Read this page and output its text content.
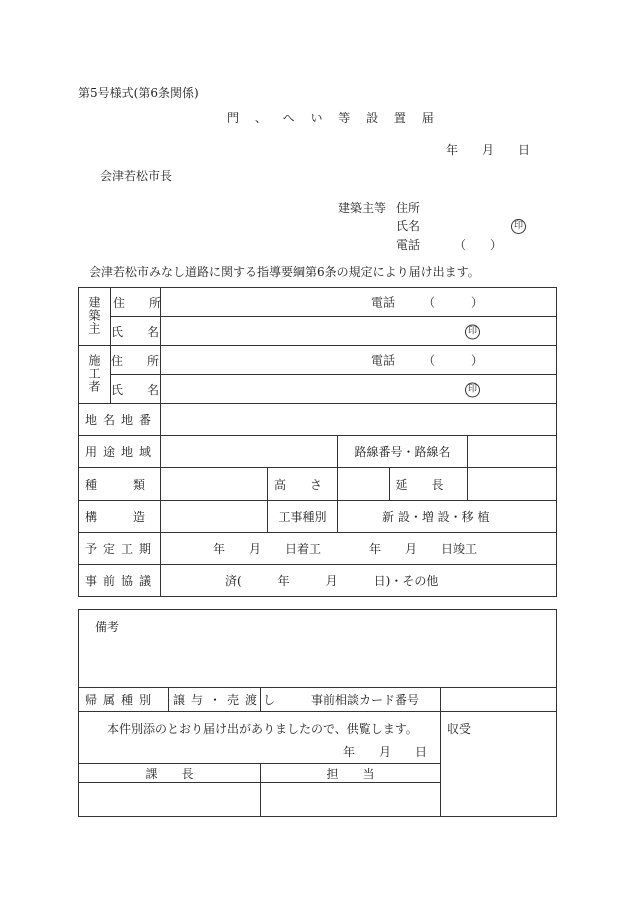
第5号様式(第6条関係)
門 、 へ い 等 設 置 届
年　　月　　日
会津若松市長
建築主等 住所
氏名	印
電話	（　　）
会津若松市みなし道路に関する指導要綱第6条の規定により届け出ます。
建築主	住　所	電話 （　　　）					

	氏　名	印					

施工者	住　所	電話 （　　　）					

	氏　名	印					

地名地番							
用途地域				路線番号・路線名			
種　　　類			高　　さ			延　　長	
構　　　造			工事種別	新 設・増 設・移 植			
予定工期		年　　月　　日着工　　　　年　　月　　日竣工					
事前協議		済(　　　年　　　月　　　日)・その他					
備考			
帰属種別	譲与・売渡し	事前相談カード番号	

本件別添のとおり届け出がありましたので、供覧します。
年　　月　　日			収受
課　　長		担　　当	
